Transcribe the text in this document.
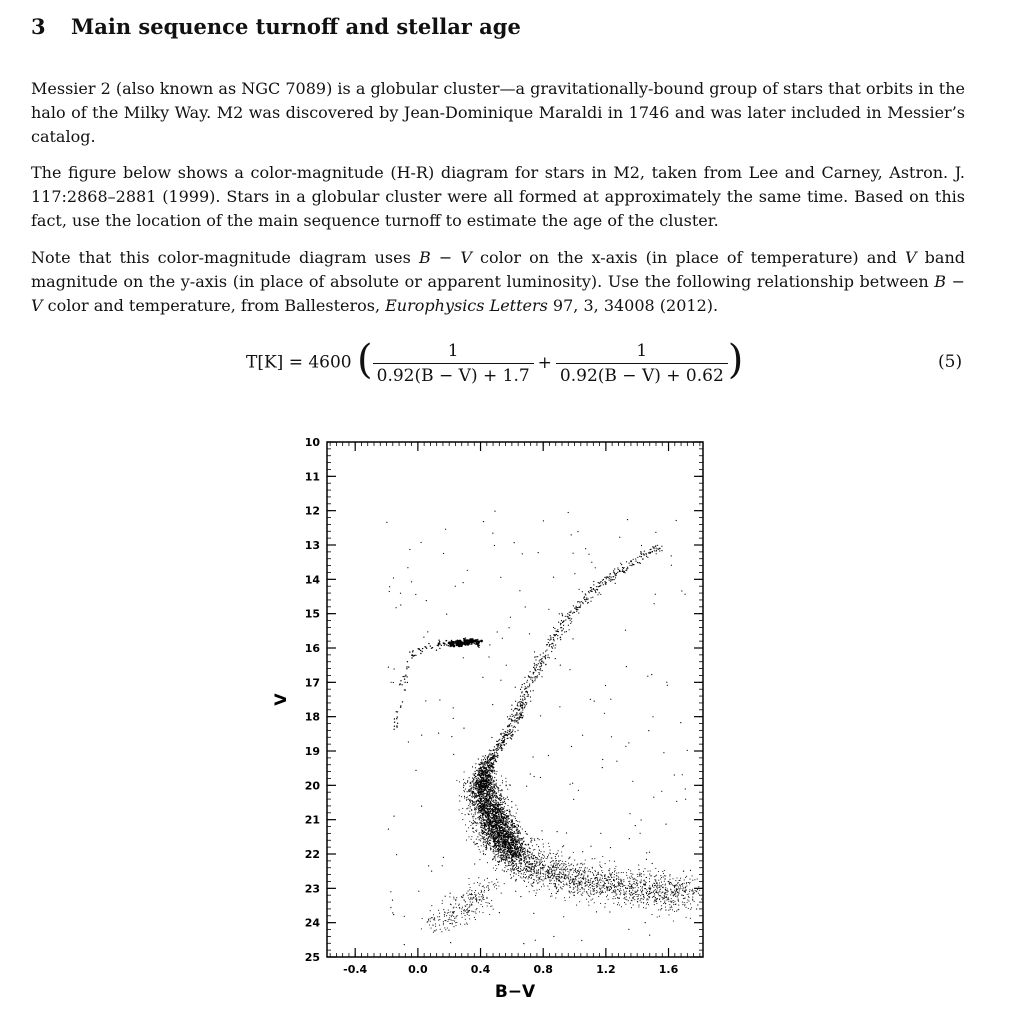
3 Main sequence turnoff and stellar age
Messier 2 (also known as NGC 7089) is a globular cluster—a gravitationally-bound group of stars that orbits in the halo of the Milky Way. M2 was discovered by Jean-Dominique Maraldi in 1746 and was later included in Messier’s catalog.
The figure below shows a color-magnitude (H-R) diagram for stars in M2, taken from Lee and Carney, Astron. J. 117:2868–2881 (1999). Stars in a globular cluster were all formed at approximately the same time. Based on this fact, use the location of the main sequence turnoff to estimate the age of the cluster.
Note that this color-magnitude diagram uses B − V color on the x-axis (in place of temperature) and V band magnitude on the y-axis (in place of absolute or apparent luminosity). Use the following relationship between B − V color and temperature, from Ballesteros, Europhysics Letters 97, 3, 34008 (2012).
T[K] = 4600 ( $\frac{1}{0.92(B - V) + 1.7} + \frac{1}{0.92(B - V) + 0.62}$ )	(5)
-0.4	0.0	0.4	0.8	1.2	1.6
10
11
12
13
14
15
16
17
18
19
20
21
22
23
24
25
B−V
V
